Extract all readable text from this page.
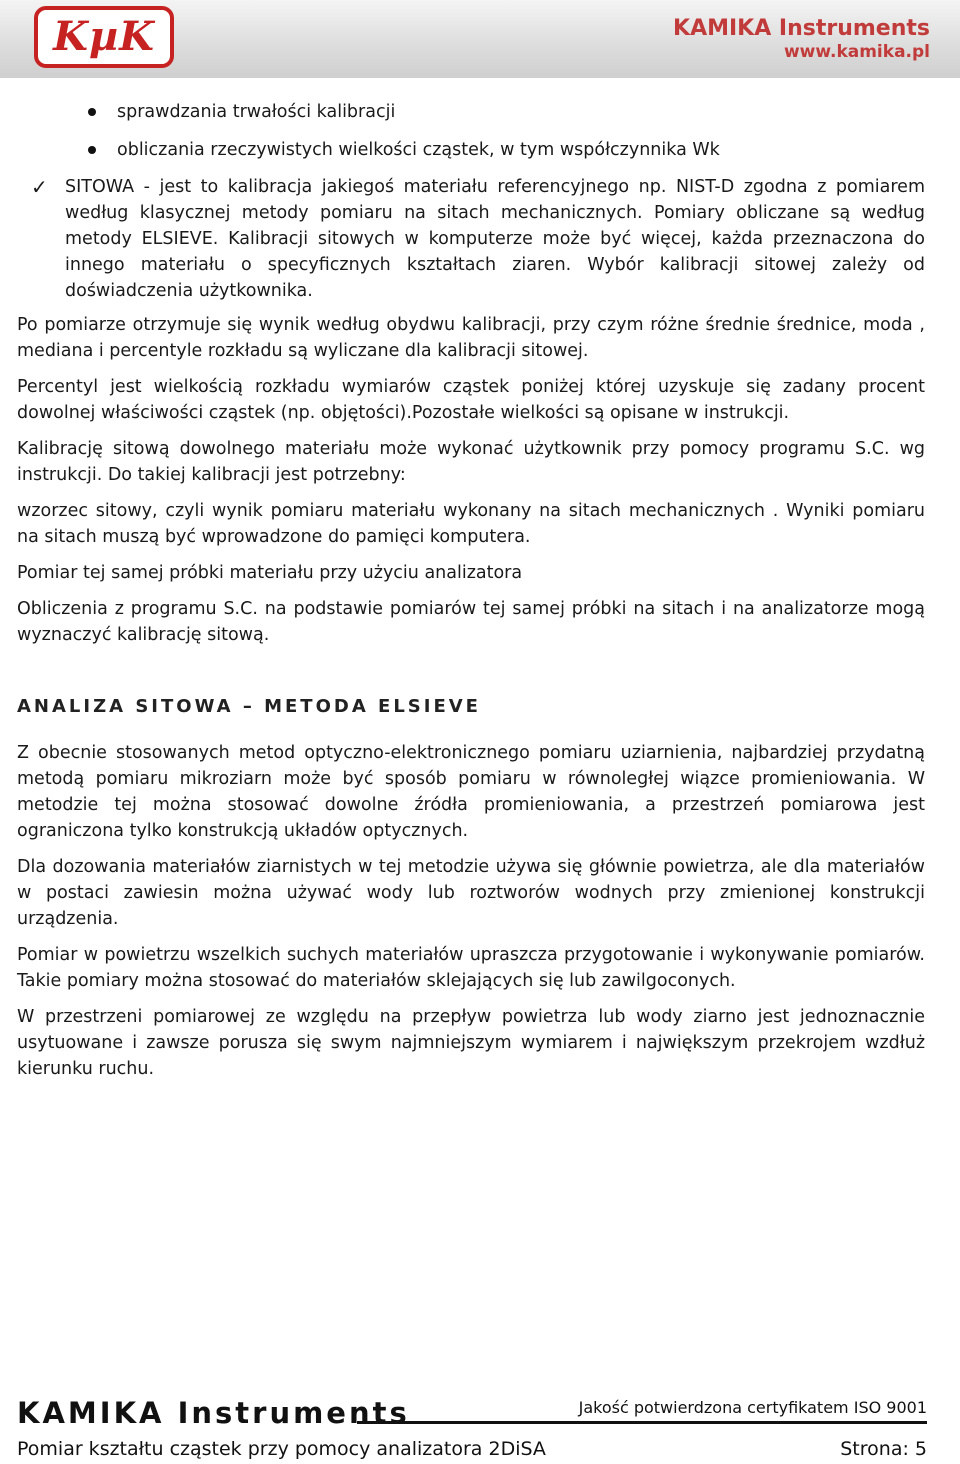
KµK	KAMIKA Instruments
www.kamika.pl
sprawdzania trwałości kalibracji
obliczania rzeczywistych wielkości cząstek, w tym współczynnika Wk
✓ SITOWA - jest to kalibracja jakiegoś materiału referencyjnego np. NIST-D zgodna z pomiarem według klasycznej metody pomiaru na sitach mechanicznych. Pomiary obliczane są według metody ELSIEVE. Kalibracji sitowych w komputerze może być więcej, każda przeznaczona do innego materiału o specyficznych kształtach ziaren. Wybór kalibracji sitowej zależy od doświadczenia użytkownika.

Po pomiarze otrzymuje się wynik według obydwu kalibracji, przy czym różne średnie średnice, moda , mediana i percentyle rozkładu są wyliczane dla kalibracji sitowej.

Percentyl jest wielkością rozkładu wymiarów cząstek poniżej której uzyskuje się zadany procent dowolnej właściwości cząstek (np. objętości).Pozostałe wielkości są opisane w instrukcji.

Kalibrację sitową dowolnego materiału może wykonać użytkownik przy pomocy programu S.C. wg instrukcji. Do takiej kalibracji jest potrzebny:

wzorzec sitowy, czyli wynik pomiaru materiału wykonany na sitach mechanicznych . Wyniki pomiaru na sitach muszą być wprowadzone do pamięci komputera.

Pomiar tej samej próbki materiału przy użyciu analizatora

Obliczenia z programu S.C. na podstawie pomiarów tej samej próbki na sitach i na analizatorze mogą wyznaczyć kalibrację sitową.

ANALIZA SITOWA – METODA ELSIEVE

Z obecnie stosowanych metod optyczno-elektronicznego pomiaru uziarnienia, najbardziej przydatną metodą pomiaru mikroziarn może być sposób pomiaru w równoległej wiązce promieniowania. W metodzie tej można stosować dowolne źródła promieniowania, a przestrzeń pomiarowa jest ograniczona tylko konstrukcją układów optycznych.

Dla dozowania materiałów ziarnistych w tej metodzie używa się głównie powietrza, ale dla materiałów w postaci zawiesin można używać wody lub roztworów wodnych przy zmienionej konstrukcji urządzenia.

Pomiar w powietrzu wszelkich suchych materiałów upraszcza przygotowanie i wykonywanie pomiarów. Takie pomiary można stosować do materiałów sklejających się lub zawilgoconych.

W przestrzeni pomiarowej ze względu na przepływ powietrza lub wody ziarno jest jednoznacznie usytuowane i zawsze porusza się swym najmniejszym wymiarem i największym przekrojem wzdłuż kierunku ruchu.

KAMIKA Instruments	Jakość potwierdzona certyfikatem ISO 9001
Pomiar kształtu cząstek przy pomocy analizatora 2DiSA	Strona: 5
